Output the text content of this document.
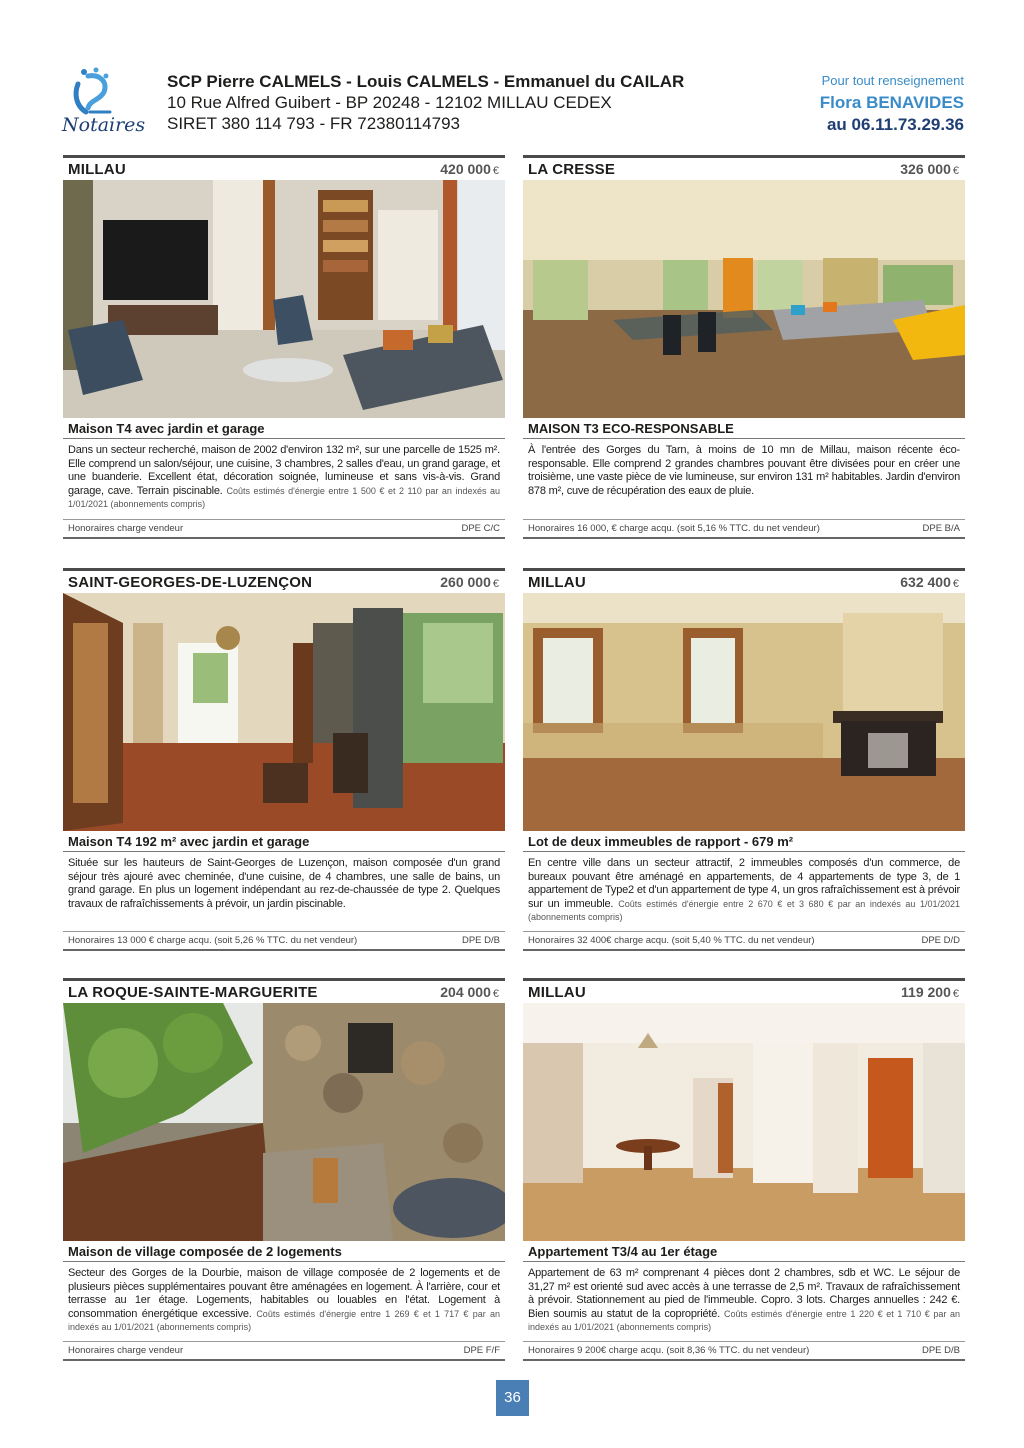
Notaires
SCP Pierre CALMELS - Louis CALMELS - Emmanuel du CAILAR
10 Rue Alfred Guibert - BP 20248 - 12102 MILLAU CEDEX
SIRET 380 114 793 - FR 72380114793
Pour tout renseignement
Flora BENAVIDES
au 06.11.73.29.36
MILLAU	420 000 €
Maison T4 avec jardin et garage
Dans un secteur recherché, maison de 2002 d'environ 132 m², sur une parcelle de 1525 m². Elle comprend un salon/séjour, une cuisine, 3 chambres, 2 salles d'eau, un grand garage, et une buanderie. Excellent état, décoration soignée, lumineuse et sans vis-à-vis. Grand garage, cave. Terrain piscinable. Coûts estimés d'énergie entre 1 500 € et 2 110 par an indexés au 1/01/2021 (abonnements compris)
Honoraires charge vendeur	DPE C/C
LA CRESSE	326 000 €
MAISON T3 ECO-RESPONSABLE
À l'entrée des Gorges du Tarn, à moins de 10 mn de Millau, maison récente éco-responsable. Elle comprend 2 grandes chambres pouvant être divisées pour en créer une troisième, une vaste pièce de vie lumineuse, sur environ 131 m² habitables. Jardin d'environ 878 m², cuve de récupération des eaux de pluie.
Honoraires 16 000, € charge acqu. (soit 5,16 % TTC. du net vendeur)	DPE B/A
SAINT-GEORGES-DE-LUZENÇON	260 000 €
Maison T4 192 m² avec jardin et garage
Située sur les hauteurs de Saint-Georges de Luzençon, maison composée d'un grand séjour très ajouré avec cheminée, d'une cuisine, de 4 chambres, une salle de bains, un grand garage. En plus un logement indépendant au rez-de-chaussée de type 2. Quelques travaux de rafraîchissements à prévoir, un jardin piscinable.
Honoraires 13 000 € charge acqu. (soit 5,26 % TTC. du net vendeur)	DPE D/B
MILLAU	632 400 €
Lot de deux immeubles de rapport - 679 m²
En centre ville dans un secteur attractif, 2 immeubles composés d'un commerce, de bureaux pouvant être aménagé en appartements, de 4 appartements de type 3, de 1 appartement de Type2 et d'un appartement de type 4, un gros rafraîchissement est à prévoir sur un immeuble. Coûts estimés d'énergie entre 2 670 € et 3 680 € par an indexés au 1/01/2021 (abonnements compris)
Honoraires 32 400€ charge acqu. (soit 5,40 % TTC. du net vendeur)	DPE D/D
LA ROQUE-SAINTE-MARGUERITE	204 000 €
Maison de village composée de 2 logements
Secteur des Gorges de la Dourbie, maison de village composée de 2 logements et de plusieurs pièces supplémentaires pouvant être aménagées en logement. À l'arrière, cour et terrasse au 1er étage. Logements, habitables ou louables en l'état. Logement à consommation énergétique excessive. Coûts estimés d'énergie entre 1 269 € et 1 717 € par an indexés au 1/01/2021 (abonnements compris)
Honoraires charge vendeur	DPE F/F
MILLAU	119 200 €
Appartement T3/4 au 1er étage
Appartement de 63 m² comprenant 4 pièces dont 2 chambres, sdb et WC. Le séjour de 31,27 m² est orienté sud avec accès à une terrasse de 2,5 m². Travaux de rafraîchissement à prévoir. Stationnement au pied de l'immeuble. Copro. 3 lots. Charges annuelles : 242 €. Bien soumis au statut de la copropriété. Coûts estimés d'énergie entre 1 220 € et 1 710 € par an indexés au 1/01/2021 (abonnements compris)
Honoraires 9 200€ charge acqu. (soit 8,36 % TTC. du net vendeur)	DPE D/B
36
